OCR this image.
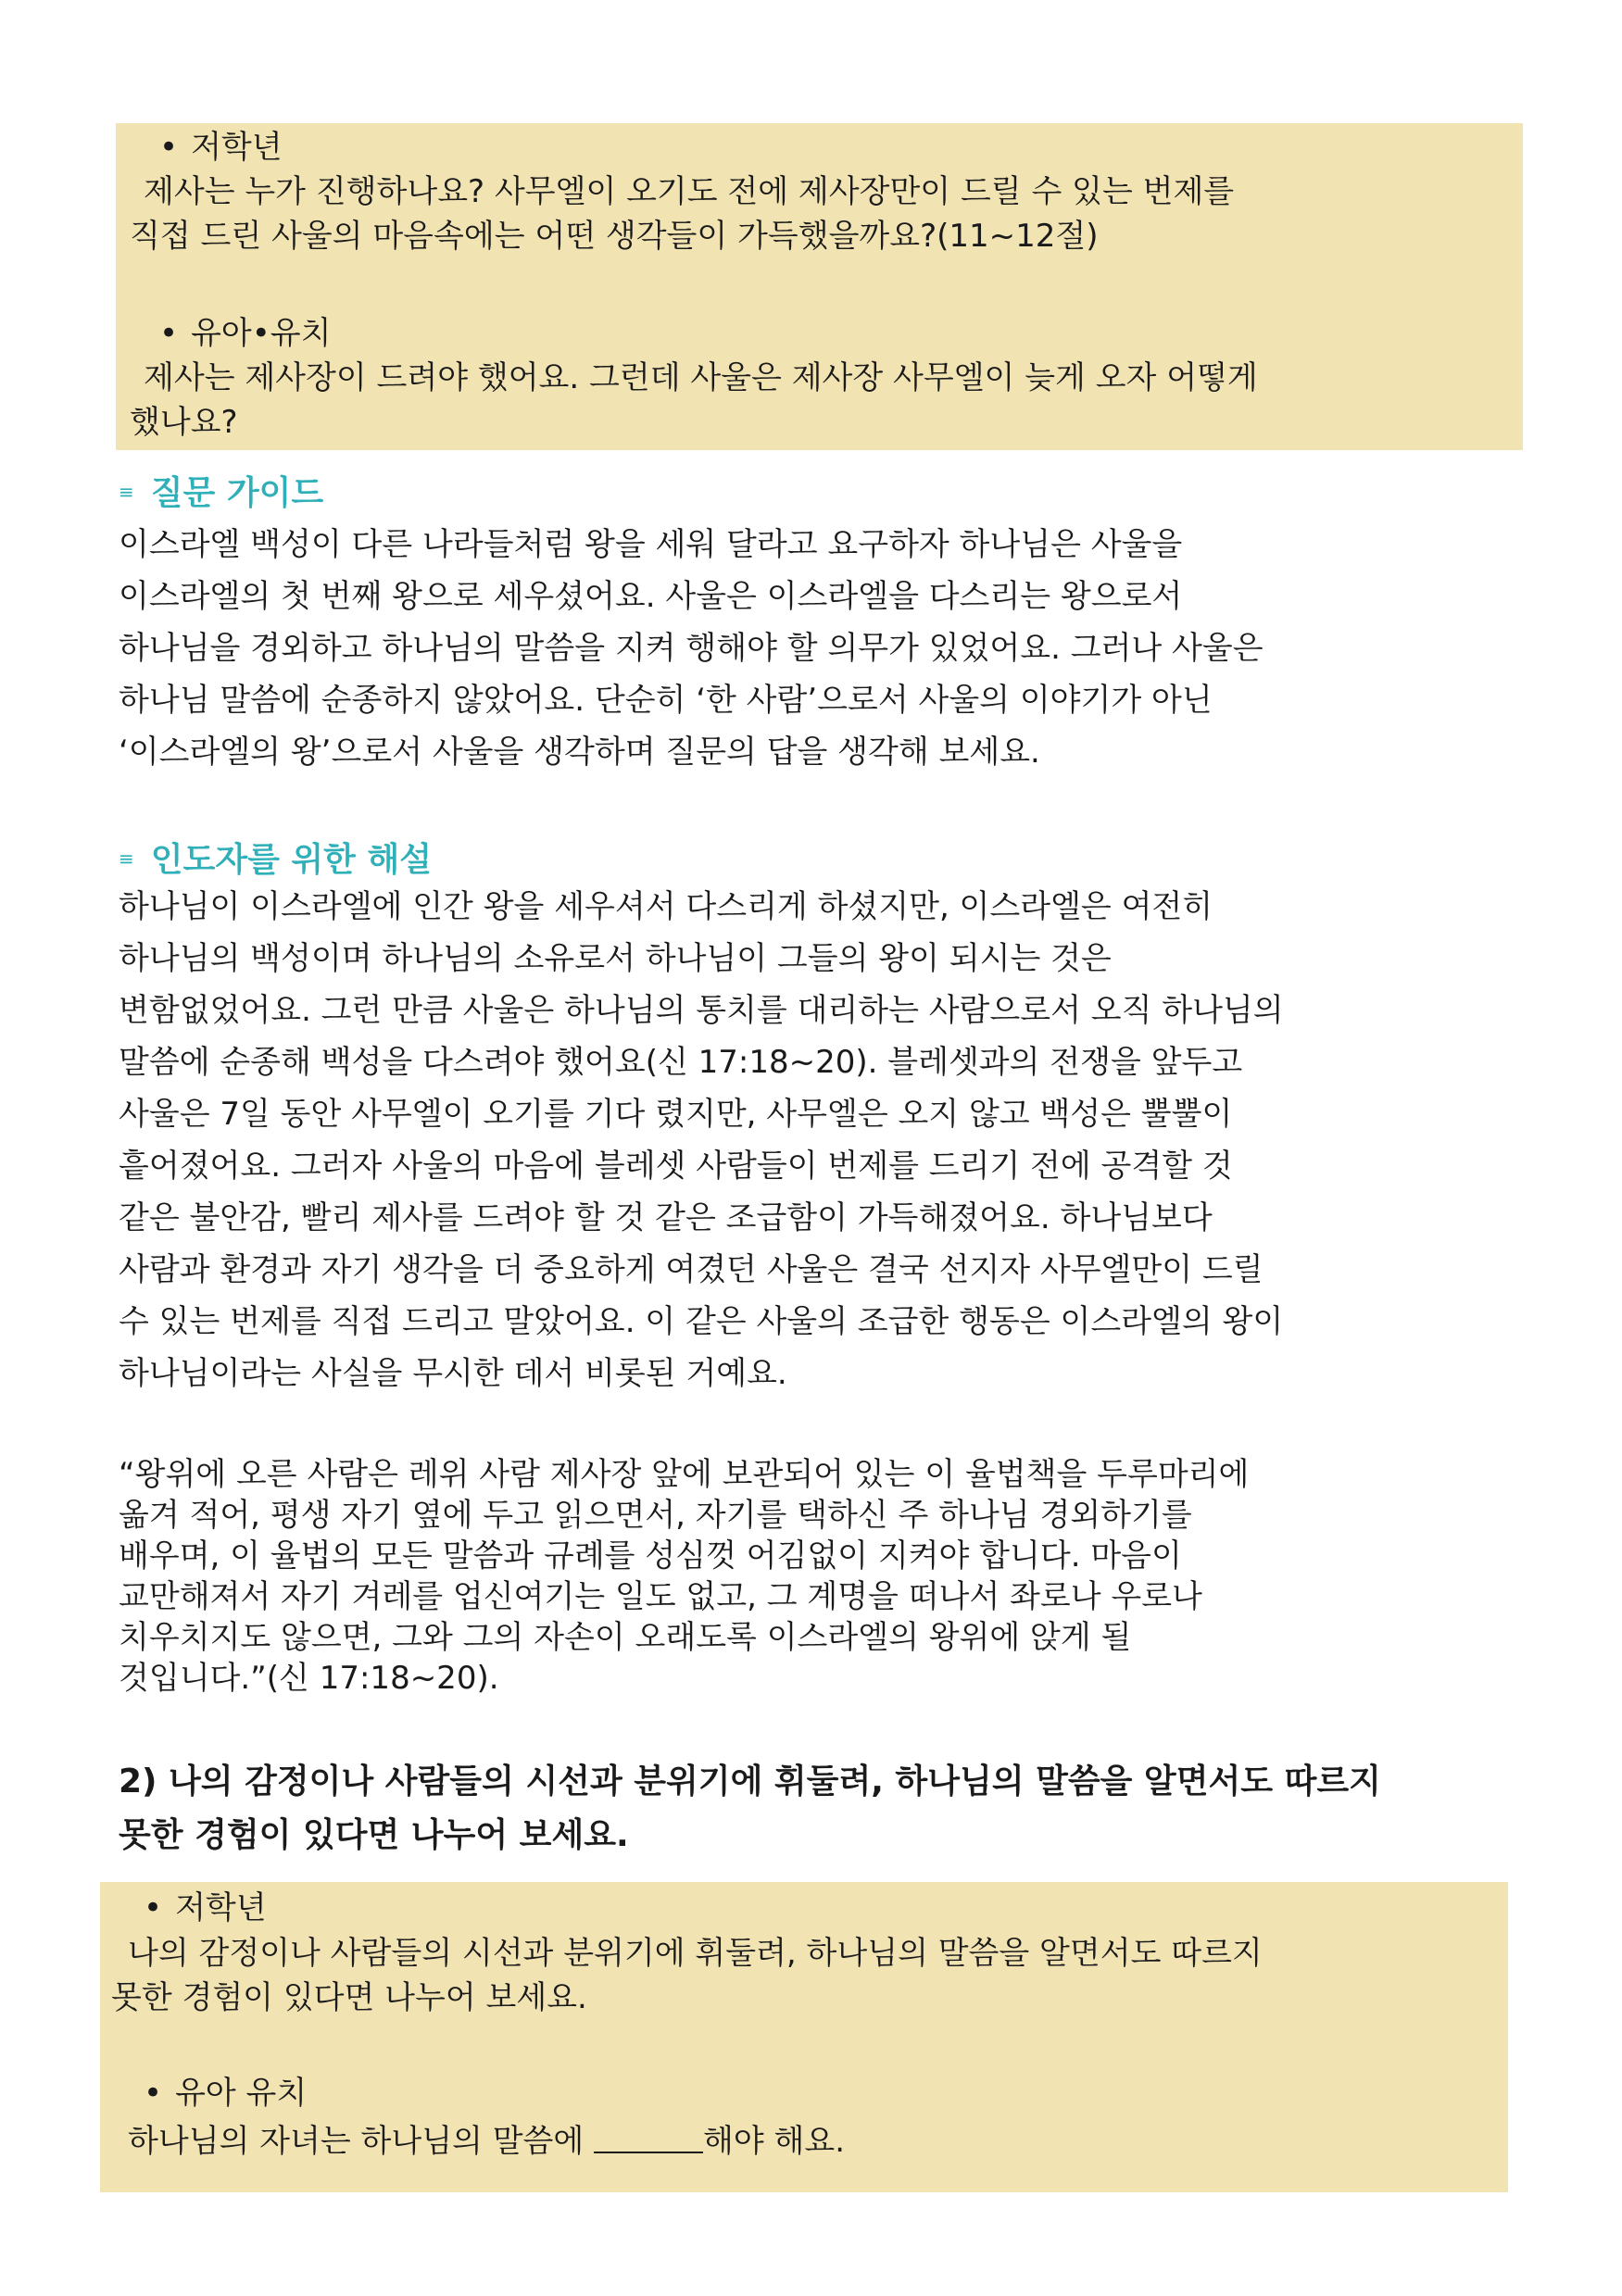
• 저학년
제사는 누가 진행하나요? 사무엘이 오기도 전에 제사장만이 드릴 수 있는 번제를
직접 드린 사울의 마음속에는 어떤 생각들이 가득했을까요?(11~12절)
• 유아•유치
제사는 제사장이 드려야 했어요. 그런데 사울은 제사장 사무엘이 늦게 오자 어떻게
했나요?
≡ 질문 가이드
이스라엘 백성이 다른 나라들처럼 왕을 세워 달라고 요구하자 하나님은 사울을
이스라엘의 첫 번째 왕으로 세우셨어요. 사울은 이스라엘을 다스리는 왕으로서
하나님을 경외하고 하나님의 말씀을 지켜 행해야 할 의무가 있었어요. 그러나 사울은
하나님 말씀에 순종하지 않았어요. 단순히 ‘한 사람’으로서 사울의 이야기가 아닌
‘이스라엘의 왕’으로서 사울을 생각하며 질문의 답을 생각해 보세요.
≡ 인도자를 위한 해설
하나님이 이스라엘에 인간 왕을 세우셔서 다스리게 하셨지만, 이스라엘은 여전히
하나님의 백성이며 하나님의 소유로서 하나님이 그들의 왕이 되시는 것은
변함없었어요. 그런 만큼 사울은 하나님의 통치를 대리하는 사람으로서 오직 하나님의
말씀에 순종해 백성을 다스려야 했어요(신 17:18~20). 블레셋과의 전쟁을 앞두고
사울은 7일 동안 사무엘이 오기를 기다 렸지만, 사무엘은 오지 않고 백성은 뿔뿔이
흩어졌어요. 그러자 사울의 마음에 블레셋 사람들이 번제를 드리기 전에 공격할 것
같은 불안감, 빨리 제사를 드려야 할 것 같은 조급함이 가득해졌어요. 하나님보다
사람과 환경과 자기 생각을 더 중요하게 여겼던 사울은 결국 선지자 사무엘만이 드릴
수 있는 번제를 직접 드리고 말았어요. 이 같은 사울의 조급한 행동은 이스라엘의 왕이
하나님이라는 사실을 무시한 데서 비롯된 거예요.
“왕위에 오른 사람은 레위 사람 제사장 앞에 보관되어 있는 이 율법책을 두루마리에
옮겨 적어, 평생 자기 옆에 두고 읽으면서, 자기를 택하신 주 하나님 경외하기를
배우며, 이 율법의 모든 말씀과 규례를 성심껏 어김없이 지켜야 합니다. 마음이
교만해져서 자기 겨레를 업신여기는 일도 없고, 그 계명을 떠나서 좌로나 우로나
치우치지도 않으면, 그와 그의 자손이 오래도록 이스라엘의 왕위에 앉게 될
것입니다.”(신 17:18~20).
2) 나의 감정이나 사람들의 시선과 분위기에 휘둘려, 하나님의 말씀을 알면서도 따르지
못한 경험이 있다면 나누어 보세요.
• 저학년
나의 감정이나 사람들의 시선과 분위기에 휘둘려, 하나님의 말씀을 알면서도 따르지
못한 경험이 있다면 나누어 보세요.
• 유아 유치
하나님의 자녀는 하나님의 말씀에	해야 해요.
